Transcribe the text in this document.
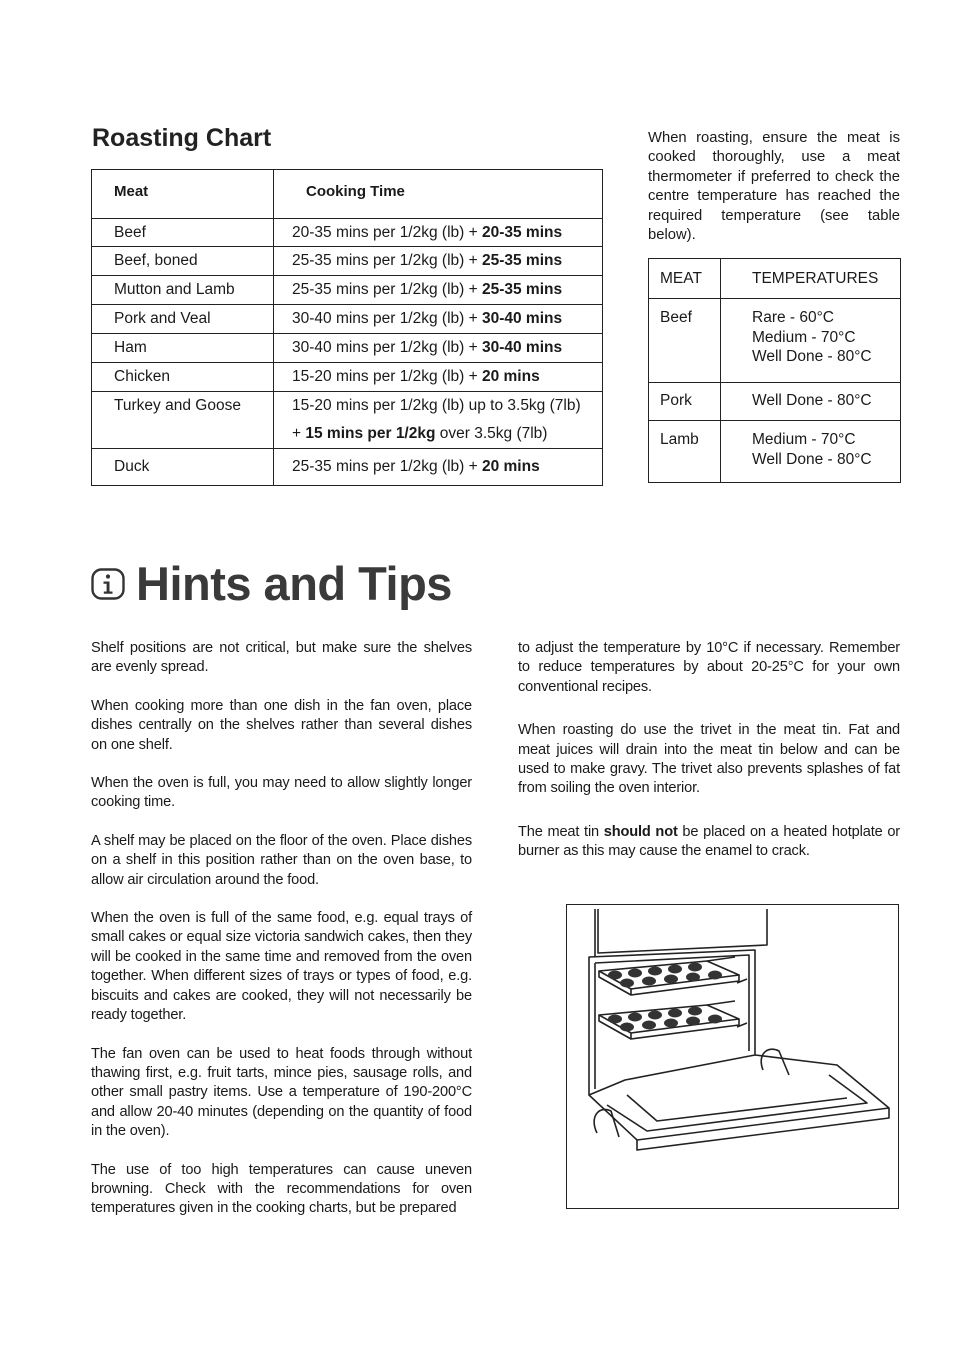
Roasting Chart
Meat	Cooking Time
Beef	20-35 mins per 1/2kg (lb) + 20-35 mins
Beef, boned	25-35 mins per 1/2kg (lb) + 25-35 mins
Mutton and Lamb	25-35 mins per 1/2kg (lb) + 25-35 mins
Pork and Veal	30-40 mins per 1/2kg (lb) + 30-40 mins
Ham	30-40 mins per 1/2kg (lb) + 30-40 mins
Chicken	15-20 mins per 1/2kg (lb) + 20 mins
Turkey and Goose	15-20 mins per 1/2kg (lb) up to 3.5kg (7lb)
+ 15 mins per 1/2kg over 3.5kg (7lb)

Duck	25-35 mins per 1/2kg (lb) + 20 mins
When roasting, ensure the meat is cooked thoroughly, use a meat thermometer if preferred to check the centre temperature has reached the required temperature (see table below).
MEAT	TEMPERATURES
Beef	Rare - 60°C
Medium - 70°C
Well Done - 80°C

Pork	Well Done - 80°C

Lamb	Medium - 70°C
Well Done - 80°C
Hints and Tips

Shelf positions are not critical, but make sure the shelves are evenly spread.

When cooking more than one dish in the fan oven, place dishes centrally on the shelves rather than several dishes on one shelf.

When the oven is full, you may need to allow slightly longer cooking time.

A shelf may be placed on the floor of the oven. Place dishes on a shelf in this position rather than on the oven base, to allow air circulation around the food.

When the oven is full of the same food, e.g. equal trays of small cakes or equal size victoria sandwich cakes, then they will be cooked in the same time and removed from the oven together. When different sizes of trays or types of food, e.g. biscuits and cakes are cooked, they will not necessarily be ready together.

The fan oven can be used to heat foods through without thawing first, e.g. fruit tarts, mince pies, sausage rolls, and other small pastry items. Use a temperature of 190-200°C and allow 20-40 minutes (depending on the quantity of food in the oven).

The use of too high temperatures can cause uneven browning. Check with the recommendations for oven temperatures given in the cooking charts, but be prepared

to adjust the temperature by 10°C if necessary. Remember to reduce temperatures by about 20-25°C for your own conventional recipes.

When roasting do use the trivet in the meat tin. Fat and meat juices will drain into the meat tin below and can be used to make gravy. The trivet also prevents splashes of fat from soiling the oven interior.

The meat tin should not be placed on a heated hotplate or burner as this may cause the enamel to crack.
